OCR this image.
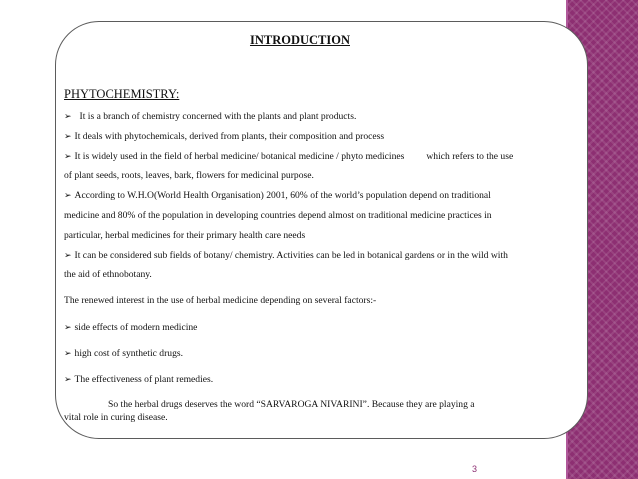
INTRODUCTION
PHYTOCHEMISTRY:
➢ It is a branch of chemistry concerned with the plants and plant products.
➢ It deals with phytochemicals, derived from plants, their composition and process
➢ It is widely used in the field of herbal medicine/ botanical medicine / phyto medicines which refers to the use
of plant seeds, roots, leaves, bark, flowers for medicinal purpose.
➢ According to W.H.O(World Health Organisation) 2001, 60% of the world’s population depend on traditional
medicine and 80% of the population in developing countries depend almost on traditional medicine practices in
particular, herbal medicines for their primary health care needs
➢ It can be considered sub fields of botany/ chemistry. Activities can be led in botanical gardens or in the wild with
the aid of ethnobotany.
The renewed interest in the use of herbal medicine depending on several factors:-
➢ side effects of modern medicine
➢ high cost of synthetic drugs.
➢ The effectiveness of plant remedies.
So the herbal drugs deserves the word “SARVAROGA NIVARINI”. Because they are playing a
vital role in curing disease.
3
